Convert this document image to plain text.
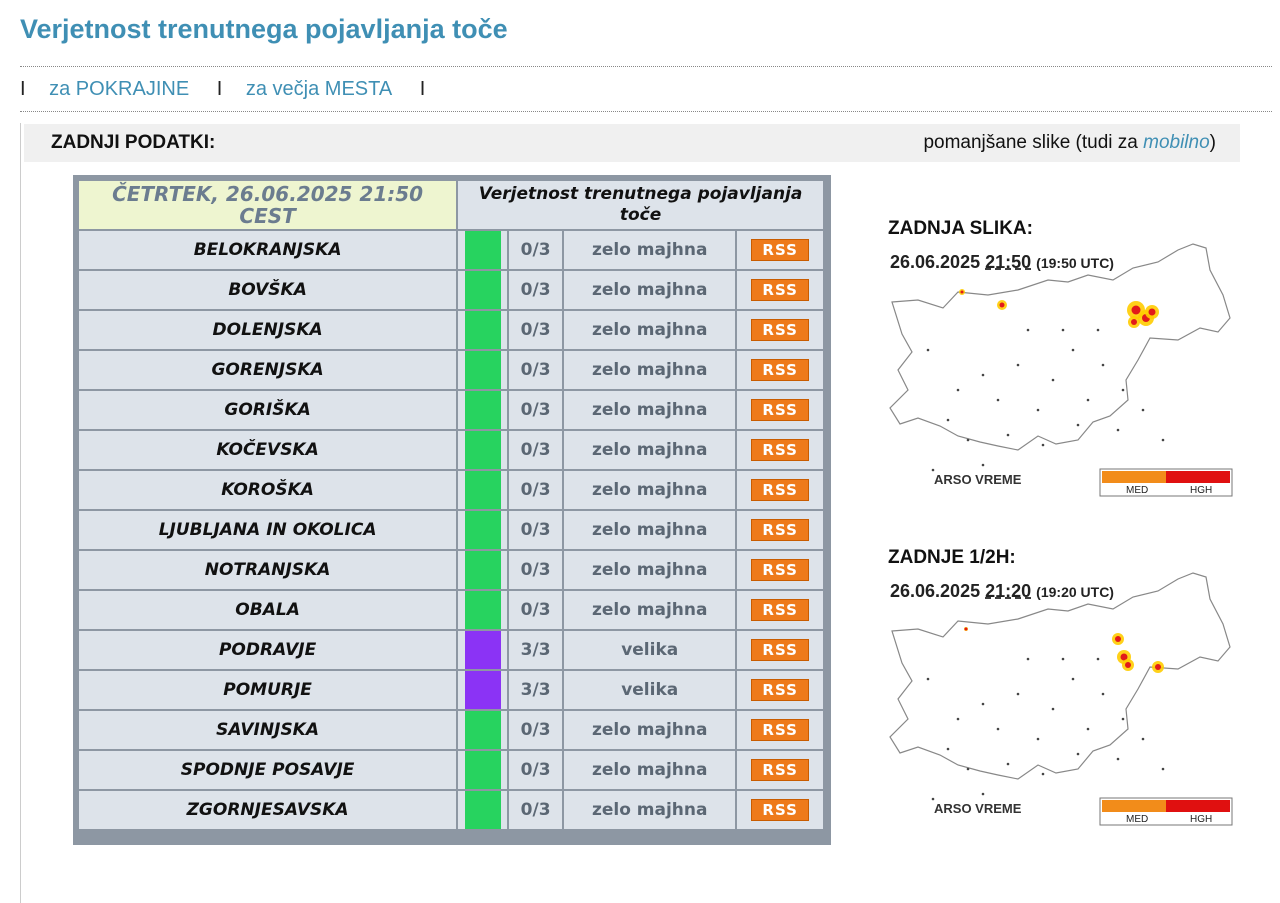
Verjetnost trenutnega pojavljanja toče
I za POKRAJINE I za večja MESTA I
ZADNJI PODATKI:	pomanjšane slike (tudi za mobilno)
ČETRTEK, 26.06.2025 21:50
CEST	Verjetnost trenutnega pojavljanja
toče			
BELOKRANJSKA		0/3	zelo majhna	RSS
BOVŠKA		0/3	zelo majhna	RSS
DOLENJSKA		0/3	zelo majhna	RSS
GORENJSKA		0/3	zelo majhna	RSS
GORIŠKA		0/3	zelo majhna	RSS
KOČEVSKA		0/3	zelo majhna	RSS
KOROŠKA		0/3	zelo majhna	RSS
LJUBLJANA IN OKOLICA		0/3	zelo majhna	RSS
NOTRANJSKA		0/3	zelo majhna	RSS
OBALA		0/3	zelo majhna	RSS
PODRAVJE		3/3	velika	RSS
POMURJE		3/3	velika	RSS
SAVINJSKA		0/3	zelo majhna	RSS
SPODNJE POSAVJE		0/3	zelo majhna	RSS
ZGORNJESAVSKA		0/3	zelo majhna	RSS
ZADNJA SLIKA:
ARSO VREME
MED	HGH
26.06.2025 21:50 (19:50 UTC)
ZADNJE 1/2H:
ARSO VREME
MED	HGH
26.06.2025 21:20 (19:20 UTC)
